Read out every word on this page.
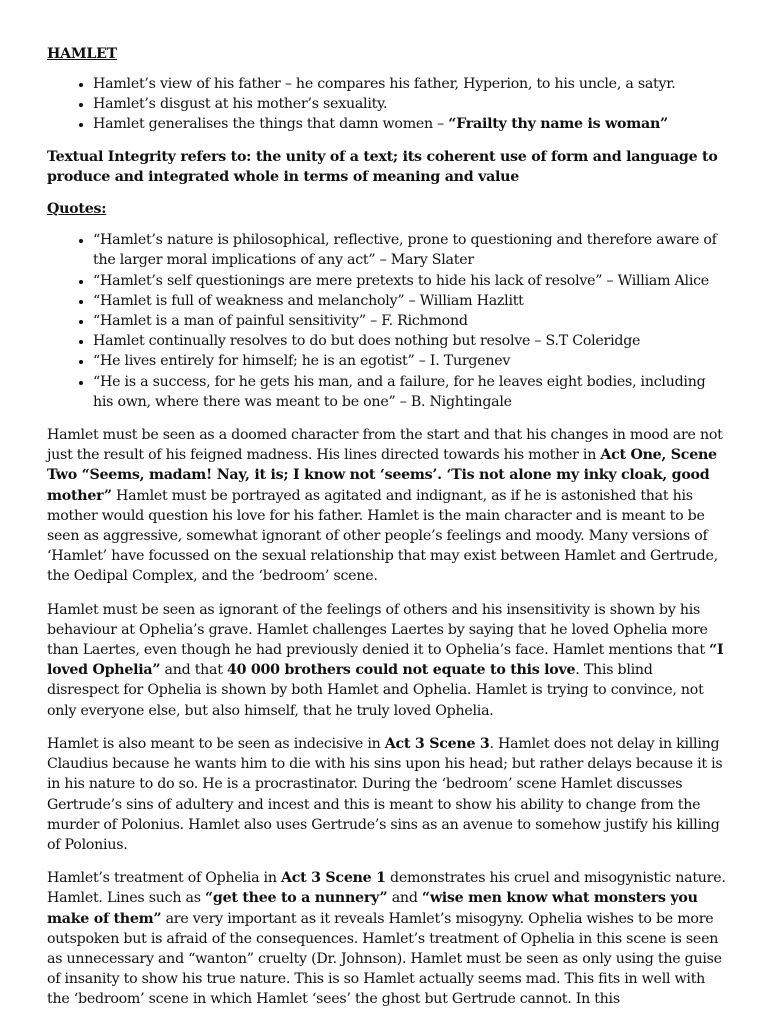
HAMLET
• Hamlet’s view of his father – he compares his father, Hyperion, to his uncle, a satyr.
• Hamlet’s disgust at his mother’s sexuality.
• Hamlet generalises the things that damn women – “Frailty thy name is woman”

Textual Integrity refers to: the unity of a text; its coherent use of form and language to produce and integrated whole in terms of meaning and value

Quotes:

• “Hamlet’s nature is philosophical, reflective, prone to questioning and therefore aware of the larger moral implications of any act” – Mary Slater
• “Hamlet’s self questionings are mere pretexts to hide his lack of resolve” – William Alice
• “Hamlet is full of weakness and melancholy” – William Hazlitt
• “Hamlet is a man of painful sensitivity” – F. Richmond
• Hamlet continually resolves to do but does nothing but resolve – S.T Coleridge
• “He lives entirely for himself; he is an egotist” – I. Turgenev
• “He is a success, for he gets his man, and a failure, for he leaves eight bodies, including his own, where there was meant to be one” – B. Nightingale

Hamlet must be seen as a doomed character from the start and that his changes in mood are not just the result of his feigned madness. His lines directed towards his mother in Act One, Scene Two “Seems, madam! Nay, it is; I know not ‘seems’. ‘Tis not alone my inky cloak, good mother” Hamlet must be portrayed as agitated and indignant, as if he is astonished that his mother would question his love for his father. Hamlet is the main character and is meant to be seen as aggressive, somewhat ignorant of other people’s feelings and moody. Many versions of ‘Hamlet’ have focussed on the sexual relationship that may exist between Hamlet and Gertrude, the Oedipal Complex, and the ‘bedroom’ scene.

Hamlet must be seen as ignorant of the feelings of others and his insensitivity is shown by his behaviour at Ophelia’s grave. Hamlet challenges Laertes by saying that he loved Ophelia more than Laertes, even though he had previously denied it to Ophelia’s face. Hamlet mentions that “I loved Ophelia” and that 40 000 brothers could not equate to this love. This blind disrespect for Ophelia is shown by both Hamlet and Ophelia. Hamlet is trying to convince, not only everyone else, but also himself, that he truly loved Ophelia.

Hamlet is also meant to be seen as indecisive in Act 3 Scene 3. Hamlet does not delay in killing Claudius because he wants him to die with his sins upon his head; but rather delays because it is in his nature to do so. He is a procrastinator. During the ‘bedroom’ scene Hamlet discusses Gertrude’s sins of adultery and incest and this is meant to show his ability to change from the murder of Polonius. Hamlet also uses Gertrude’s sins as an avenue to somehow justify his killing of Polonius.

Hamlet’s treatment of Ophelia in Act 3 Scene 1 demonstrates his cruel and misogynistic nature. Hamlet. Lines such as “get thee to a nunnery” and “wise men know what monsters you make of them” are very important as it reveals Hamlet’s misogyny. Ophelia wishes to be more outspoken but is afraid of the consequences. Hamlet’s treatment of Ophelia in this scene is seen as unnecessary and “wanton” cruelty (Dr. Johnson). Hamlet must be seen as only using the guise of insanity to show his true nature. This is so Hamlet actually seems mad. This fits in well with the ‘bedroom’ scene in which Hamlet ‘sees’ the ghost but Gertrude cannot. In this
